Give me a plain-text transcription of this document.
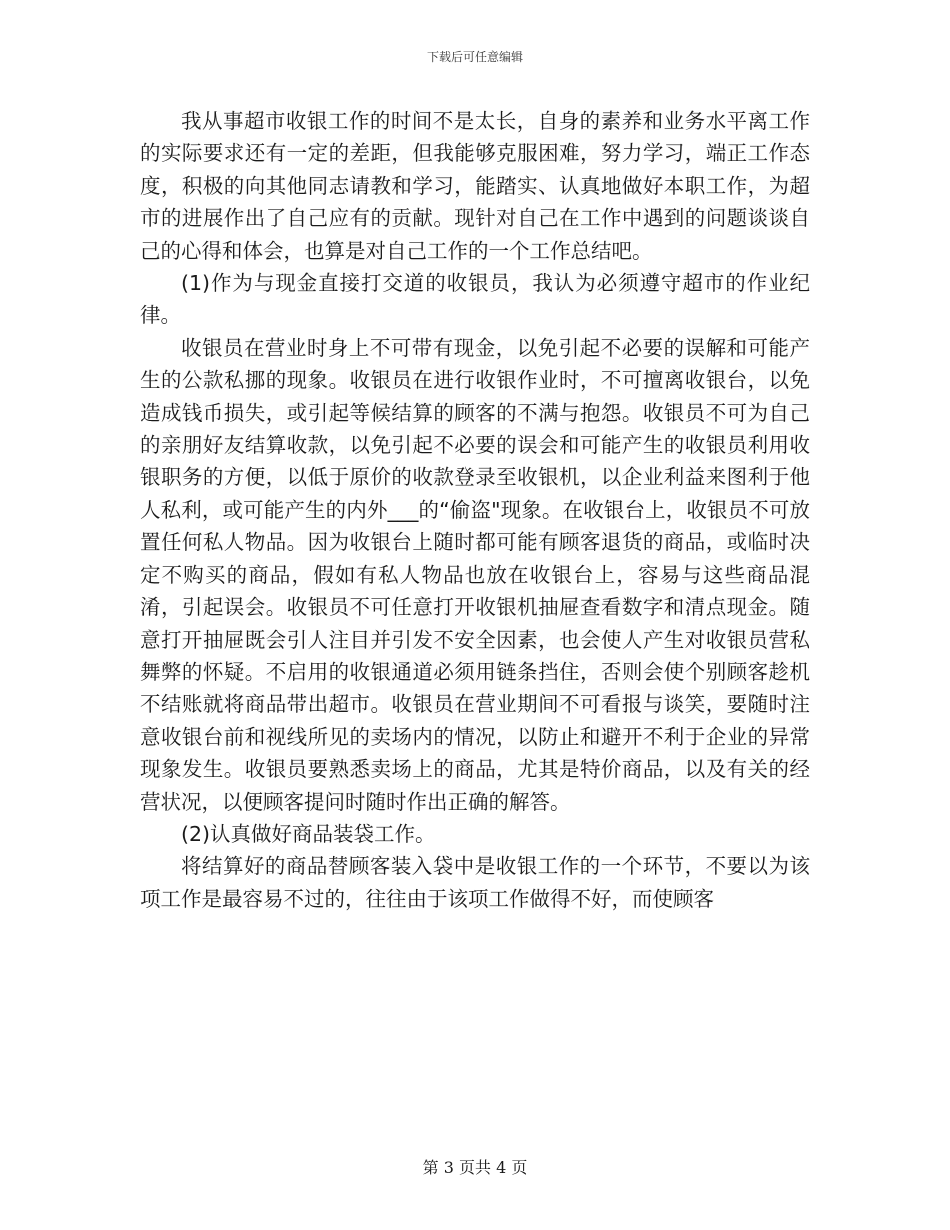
下载后可任意编辑

我从事超市收银工作的时间不是太长，自身的素养和业务水平离工作的实际要求还有一定的差距，但我能够克服困难，努力学习，端正工作态度，积极的向其他同志请教和学习，能踏实、认真地做好本职工作，为超市的进展作出了自己应有的贡献。现针对自己在工作中遇到的问题谈谈自己的心得和体会，也算是对自己工作的一个工作总结吧。

(1)作为与现金直接打交道的收银员，我认为必须遵守超市的作业纪律。

收银员在营业时身上不可带有现金，以免引起不必要的误解和可能产生的公款私挪的现象。收银员在进行收银作业时，不可擅离收银台，以免造成钱币损失，或引起等候结算的顾客的不满与抱怨。收银员不可为自己的亲朋好友结算收款，以免引起不必要的误会和可能产生的收银员利用收银职务的方便，以低于原价的收款登录至收银机，以企业利益来图利于他人私利，或可能产生的内外___的“偷盗"现象。在收银台上，收银员不可放置任何私人物品。因为收银台上随时都可能有顾客退货的商品，或临时决定不购买的商品，假如有私人物品也放在收银台上，容易与这些商品混淆，引起误会。收银员不可任意打开收银机抽屉查看数字和清点现金。随意打开抽屉既会引人注目并引发不安全因素，也会使人产生对收银员营私舞弊的怀疑。不启用的收银通道必须用链条挡住，否则会使个别顾客趁机不结账就将商品带出超市。收银员在营业期间不可看报与谈笑，要随时注意收银台前和视线所见的卖场内的情况，以防止和避开不利于企业的异常现象发生。收银员要熟悉卖场上的商品，尤其是特价商品，以及有关的经营状况，以便顾客提问时随时作出正确的解答。

(2)认真做好商品装袋工作。

将结算好的商品替顾客装入袋中是收银工作的一个环节，不要以为该项工作是最容易不过的，往往由于该项工作做得不好，而使顾客

第 3 页共 4 页
